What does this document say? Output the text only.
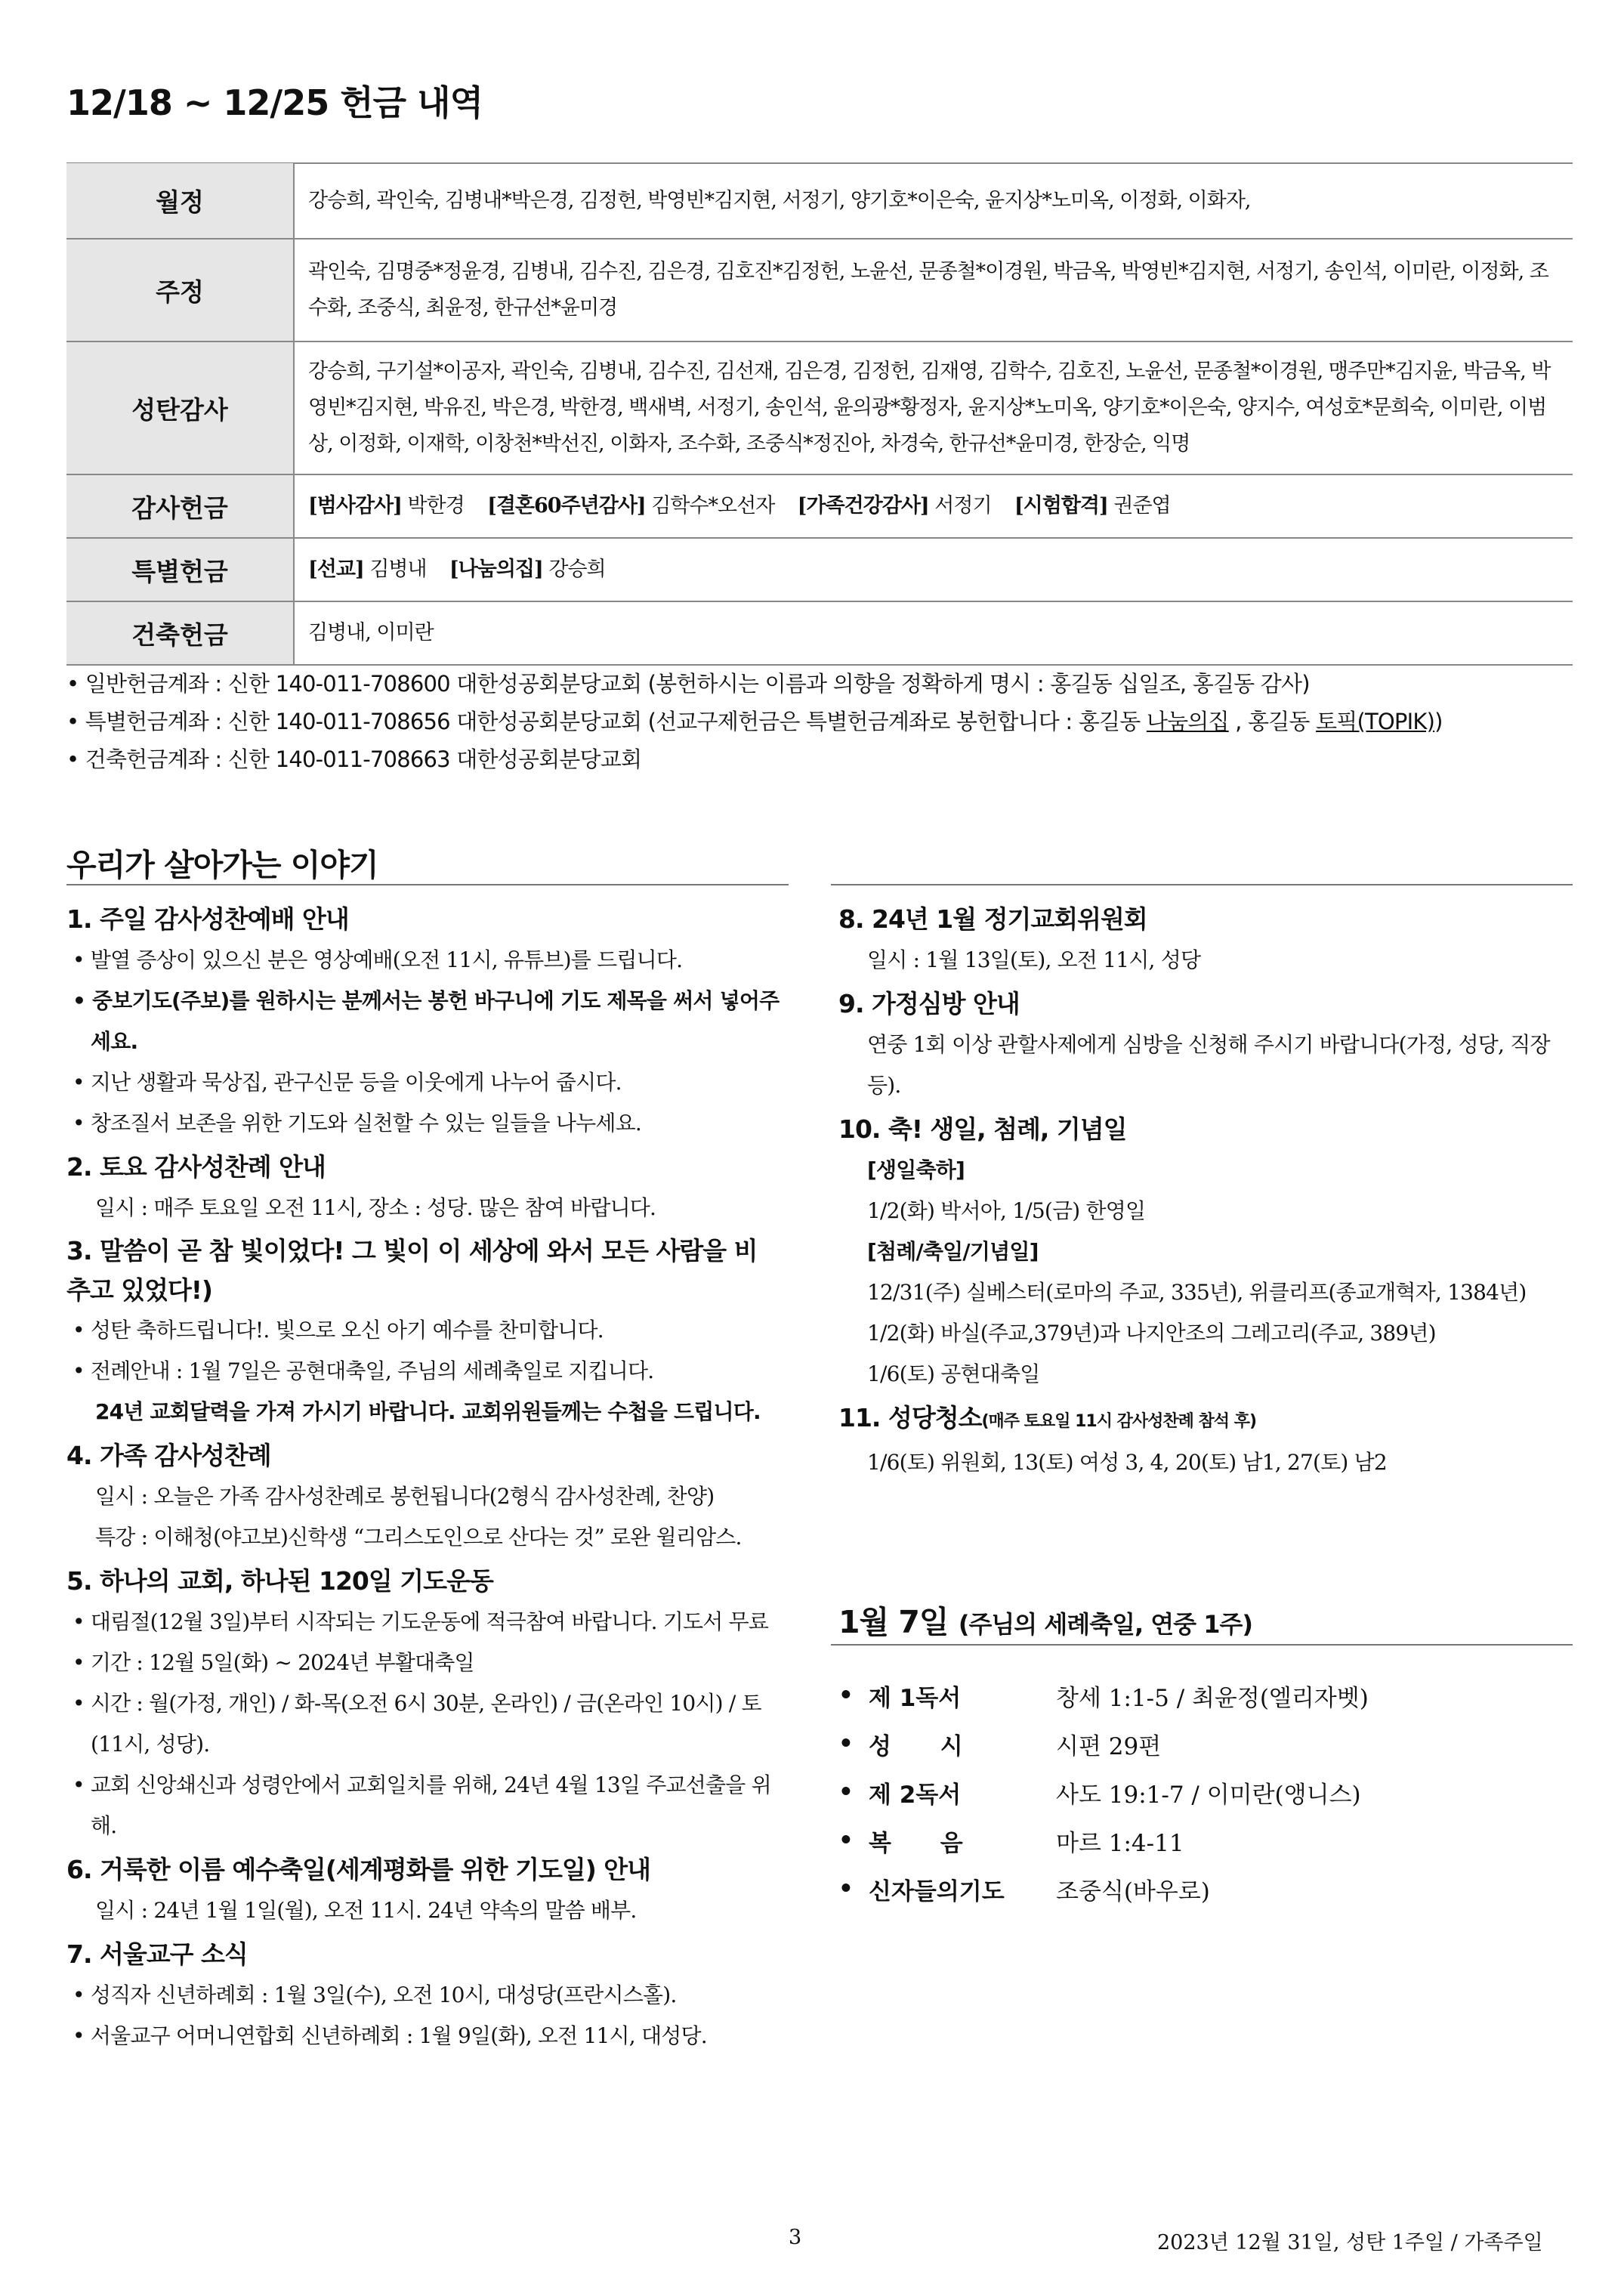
12/18 ~ 12/25 헌금 내역
월정	강승희, 곽인숙, 김병내*박은경, 김정헌, 박영빈*김지현, 서정기, 양기호*이은숙, 윤지상*노미옥, 이정화, 이화자,
주정	곽인숙, 김명중*정윤경, 김병내, 김수진, 김은경, 김호진*김정헌, 노윤선, 문종철*이경원, 박금옥, 박영빈*김지현, 서정기, 송인석, 이미란, 이정화, 조수화, 조중식, 최윤정, 한규선*윤미경
성탄감사	강승희, 구기설*이공자, 곽인숙, 김병내, 김수진, 김선재, 김은경, 김정헌, 김재영, 김학수, 김호진, 노윤선, 문종철*이경원, 맹주만*김지윤, 박금옥, 박영빈*김지현, 박유진, 박은경, 박한경, 백새벽, 서정기, 송인석, 윤의광*황정자, 윤지상*노미옥, 양기호*이은숙, 양지수, 여성호*문희숙, 이미란, 이범상, 이정화, 이재학, 이창천*박선진, 이화자, 조수화, 조중식*정진아, 차경숙, 한규선*윤미경, 한장순, 익명
감사헌금	[범사감사] 박한경 [결혼60주년감사] 김학수*오선자 [가족건강감사] 서정기 [시험합격] 권준엽
특별헌금	[선교] 김병내 [나눔의집] 강승희
건축헌금	김병내, 이미란
• 일반헌금계좌 : 신한 140-011-708600 대한성공회분당교회 (봉헌하시는 이름과 의향을 정확하게 명시 : 홍길동 십일조, 홍길동 감사)
• 특별헌금계좌 : 신한 140-011-708656 대한성공회분당교회 (선교구제헌금은 특별헌금계좌로 봉헌합니다 : 홍길동 나눔의집 , 홍길동 토픽(TOPIK))
• 건축헌금계좌 : 신한 140-011-708663 대한성공회분당교회
우리가 살아가는 이야기
1. 주일 감사성찬예배 안내
• 발열 증상이 있으신 분은 영상예배(오전 11시, 유튜브)를 드립니다.
• 중보기도(주보)를 원하시는 분께서는 봉헌 바구니에 기도 제목을 써서 넣어주세요.
• 지난 생활과 묵상집, 관구신문 등을 이웃에게 나누어 줍시다.
• 창조질서 보존을 위한 기도와 실천할 수 있는 일들을 나누세요.
2. 토요 감사성찬례 안내
일시 : 매주 토요일 오전 11시, 장소 : 성당. 많은 참여 바랍니다.
3. 말씀이 곧 참 빛이었다! 그 빛이 이 세상에 와서 모든 사람을 비추고 있었다!)
• 성탄 축하드립니다!. 빛으로 오신 아기 예수를 찬미합니다.
• 전례안내 : 1월 7일은 공현대축일, 주님의 세례축일로 지킵니다.
24년 교회달력을 가져 가시기 바랍니다. 교회위원들께는 수첩을 드립니다.
4. 가족 감사성찬례
일시 : 오늘은 가족 감사성찬례로 봉헌됩니다(2형식 감사성찬례, 찬양)
특강 : 이해청(야고보)신학생 “그리스도인으로 산다는 것” 로완 윌리암스.
5. 하나의 교회, 하나된 120일 기도운동
• 대림절(12월 3일)부터 시작되는 기도운동에 적극참여 바랍니다. 기도서 무료
• 기간 : 12월 5일(화) ~ 2024년 부활대축일
• 시간 : 월(가정, 개인) / 화-목(오전 6시 30분, 온라인) / 금(온라인 10시) / 토(11시, 성당).
• 교회 신앙쇄신과 성령안에서 교회일치를 위해, 24년 4월 13일 주교선출을 위해.
6. 거룩한 이름 예수축일(세계평화를 위한 기도일) 안내
일시 : 24년 1월 1일(월), 오전 11시. 24년 약속의 말씀 배부.
7. 서울교구 소식
• 성직자 신년하례회 : 1월 3일(수), 오전 10시, 대성당(프란시스홀).
• 서울교구 어머니연합회 신년하례회 : 1월 9일(화), 오전 11시, 대성당.
8. 24년 1월 정기교회위원회
일시 : 1월 13일(토), 오전 11시, 성당
9. 가정심방 안내
연중 1회 이상 관할사제에게 심방을 신청해 주시기 바랍니다(가정, 성당, 직장 등).
10. 축! 생일, 첨례, 기념일
[생일축하]
1/2(화) 박서아, 1/5(금) 한영일
[첨례/축일/기념일]
12/31(주) 실베스터(로마의 주교, 335년), 위클리프(종교개혁자, 1384년)
1/2(화) 바실(주교,379년)과 나지안조의 그레고리(주교, 389년)
1/6(토) 공현대축일
11. 성당청소(매주 토요일 11시 감사성찬례 참석 후)
1/6(토) 위원회, 13(토) 여성 3, 4, 20(토) 남1, 27(토) 남2
1월 7일 (주님의 세례축일, 연중 1주)
• 제 1독서	창세 1:1-5 / 최윤정(엘리자벳)
• 성      시	시편 29편
• 제 2독서	사도 19:1-7 / 이미란(앵니스)
• 복      음	마르 1:4-11
• 신자들의기도	조중식(바우로)
3	2023년 12월 31일, 성탄 1주일 / 가족주일
